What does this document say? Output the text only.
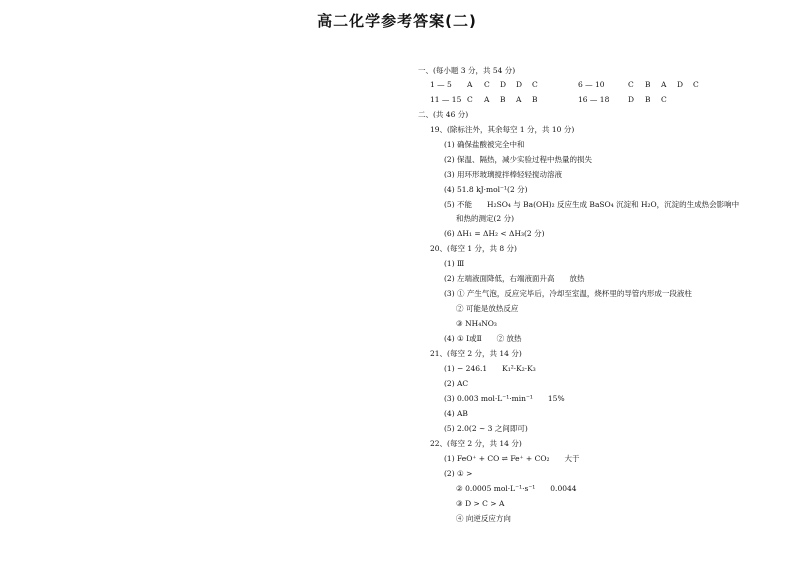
高二化学参考答案(二)
一、(每小题 3 分，共 54 分)
1 — 5 A C D D C	6 — 10	C B A D C
11 — 15 C A B A B	16 — 18 D B C
二、(共 46 分)
19、(除标注外，其余每空 1 分，共 10 分)
(1) 确保盐酸被完全中和
(2) 保温、隔热，减少实验过程中热量的损失
(3) 用环形玻璃搅拌棒轻轻搅动溶液
(4) 51.8 kJ·mol⁻¹(2 分)
(5) 不能　　H₂SO₄ 与 Ba(OH)₂ 反应生成 BaSO₄ 沉淀和 H₂O，沉淀的生成热会影响中
和热的测定(2 分)
(6) ΔH₁ = ΔH₂ < ΔH₃(2 分)
20、(每空 1 分，共 8 分)
(1) Ⅲ
(2) 左端液面降低，右端液面升高　　放热
(3) ① 产生气泡，反应完毕后，冷却至室温，烧杯里的导管内形成一段液柱
② 可能是放热反应
③ NH₄NO₃
(4) ① Ⅰ或Ⅱ　　② 放热
21、(每空 2 分，共 14 分)
(1) − 246.1　　K₁²·K₂·K₃
(2) AC
(3) 0.003 mol·L⁻¹·min⁻¹　　15%
(4) AB
(5) 2.0(2 ~ 3 之间即可)
22、(每空 2 分，共 14 分)
(1) FeO⁺ + CO ⇌ Fe⁺ + CO₂　　大于
(2) ① >
② 0.0005 mol·L⁻¹·s⁻¹　　0.0044
③ D > C > A
④ 向逆反应方向
